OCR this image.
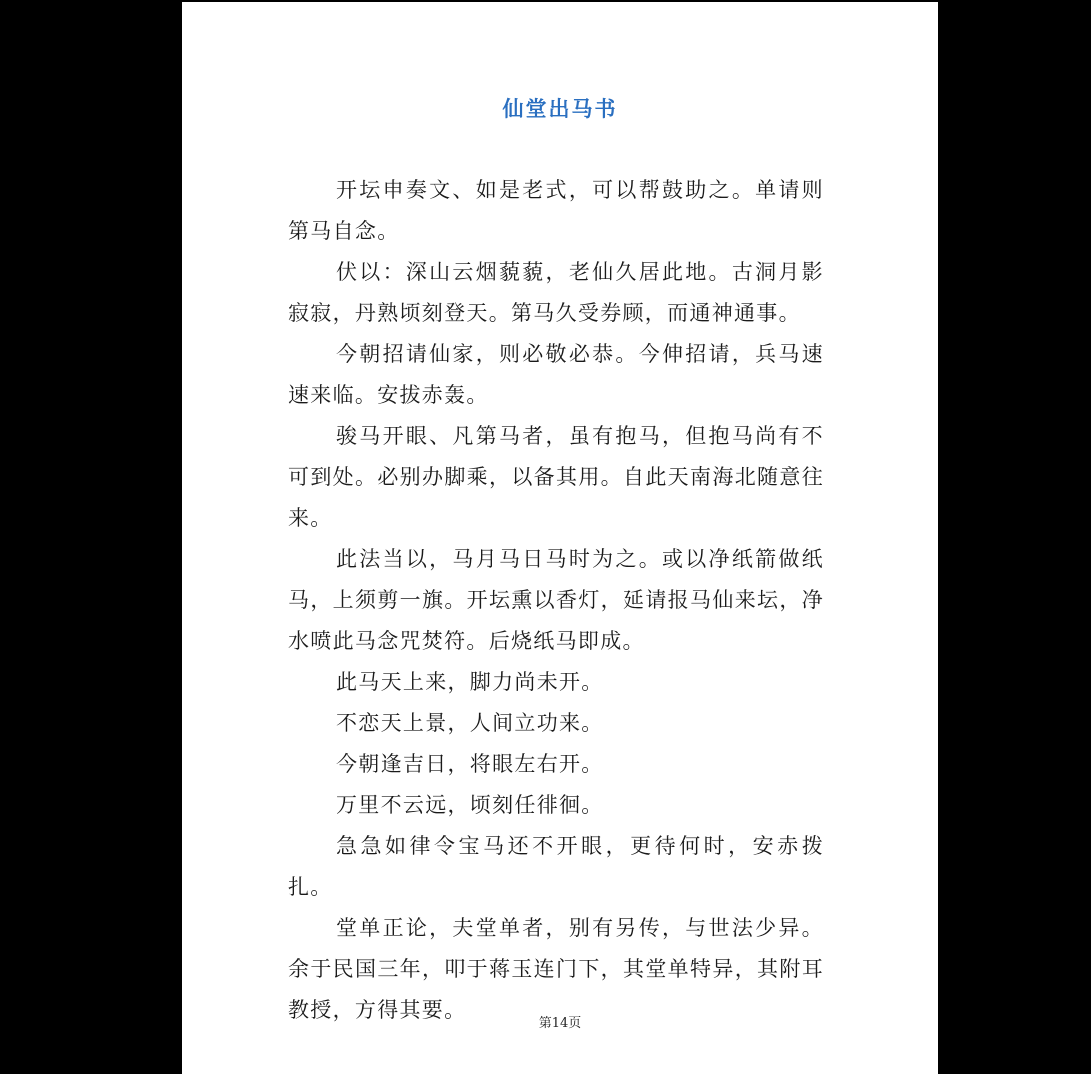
仙堂出马书

开坛申奏文、如是老式，可以帮鼓助之。单请则第马自念。

伏以：深山云烟藐藐，老仙久居此地。古洞月影寂寂，丹熟顷刻登天。第马久受券顾，而通神通事。

今朝招请仙家，则必敬必恭。今伸招请，兵马速速来临。安拔赤轰。

骏马开眼、凡第马者，虽有抱马，但抱马尚有不可到处。必别办脚乘，以备其用。自此天南海北随意往来。

此法当以，马月马日马时为之。或以净纸箭做纸马，上须剪一旗。开坛熏以香灯，延请报马仙来坛，净水喷此马念咒焚符。后烧纸马即成。

此马天上来，脚力尚未开。

不恋天上景，人间立功来。

今朝逢吉日，将眼左右开。

万里不云远，顷刻任徘徊。

急急如律令宝马还不开眼，更待何时，安赤拨扎。

堂单正论，夫堂单者，别有另传，与世法少异。余于民国三年，叩于蒋玉连门下，其堂单特异，其附耳教授，方得其要。

第14页
